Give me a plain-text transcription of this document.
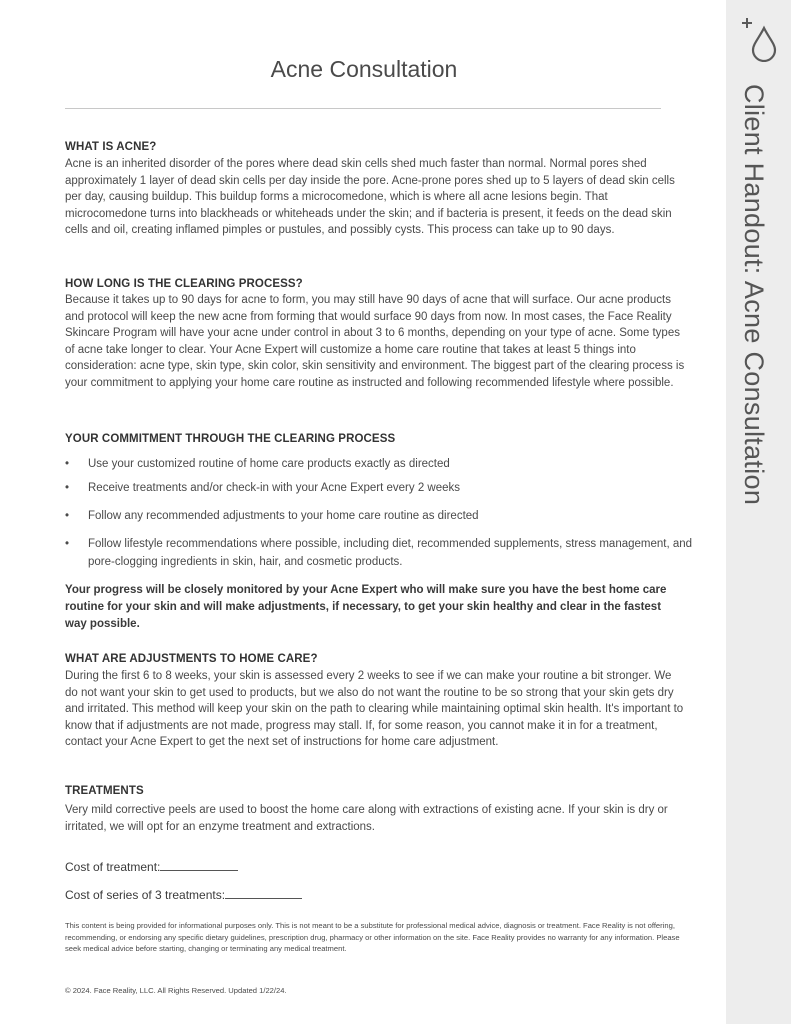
Client Handout: Acne Consultation
Acne Consultation
WHAT IS ACNE?

Acne is an inherited disorder of the pores where dead skin cells shed much faster than normal. Normal pores shed approximately 1 layer of dead skin cells per day inside the pore. Acne-prone pores shed up to 5 layers of dead skin cells per day, causing buildup. This buildup forms a microcomedone, which is where all acne lesions begin. That microcomedone turns into blackheads or whiteheads under the skin; and if bacteria is present, it feeds on the dead skin cells and oil, creating inflamed pimples or pustules, and possibly cysts. This process can take up to 90 days.

HOW LONG IS THE CLEARING PROCESS?

Because it takes up to 90 days for acne to form, you may still have 90 days of acne that will surface. Our acne products and protocol will keep the new acne from forming that would surface 90 days from now. In most cases, the Face Reality Skincare Program will have your acne under control in about 3 to 6 months, depending on your type of acne. Some types of acne take longer to clear. Your Acne Expert will customize a home care routine that takes at least 5 things into consideration: acne type, skin type, skin color, skin sensitivity and environment. The biggest part of the clearing process is your commitment to applying your home care routine as instructed and following recommended lifestyle where possible.

YOUR COMMITMENT THROUGH THE CLEARING PROCESS
• Use your customized routine of home care products exactly as directed
• Receive treatments and/or check-in with your Acne Expert every 2 weeks
• Follow any recommended adjustments to your home care routine as directed
• Follow lifestyle recommendations where possible, including diet, recommended supplements, stress management, and pore-clogging ingredients in skin, hair, and cosmetic products.

Your progress will be closely monitored by your Acne Expert who will make sure you have the best home care routine for your skin and will make adjustments, if necessary, to get your skin healthy and clear in the fastest way possible.

WHAT ARE ADJUSTMENTS TO HOME CARE?

During the first 6 to 8 weeks, your skin is assessed every 2 weeks to see if we can make your routine a bit stronger. We do not want your skin to get used to products, but we also do not want the routine to be so strong that your skin gets dry and irritated. This method will keep your skin on the path to clearing while maintaining optimal skin health. It's important to know that if adjustments are not made, progress may stall. If, for some reason, you cannot make it in for a treatment, contact your Acne Expert to get the next set of instructions for home care adjustment.

TREATMENTS

Very mild corrective peels are used to boost the home care along with extractions of existing acne. If your skin is dry or irritated, we will opt for an enzyme treatment and extractions.

Cost of treatment:

Cost of series of 3 treatments:

This content is being provided for informational purposes only. This is not meant to be a substitute for professional medical advice, diagnosis or treatment. Face Reality is not offering, recommending, or endorsing any specific dietary guidelines, prescription drug, pharmacy or other information on the site. Face Reality provides no warranty for any information. Please seek medical advice before starting, changing or terminating any medical treatment.

© 2024. Face Reality, LLC. All Rights Reserved. Updated 1/22/24.
